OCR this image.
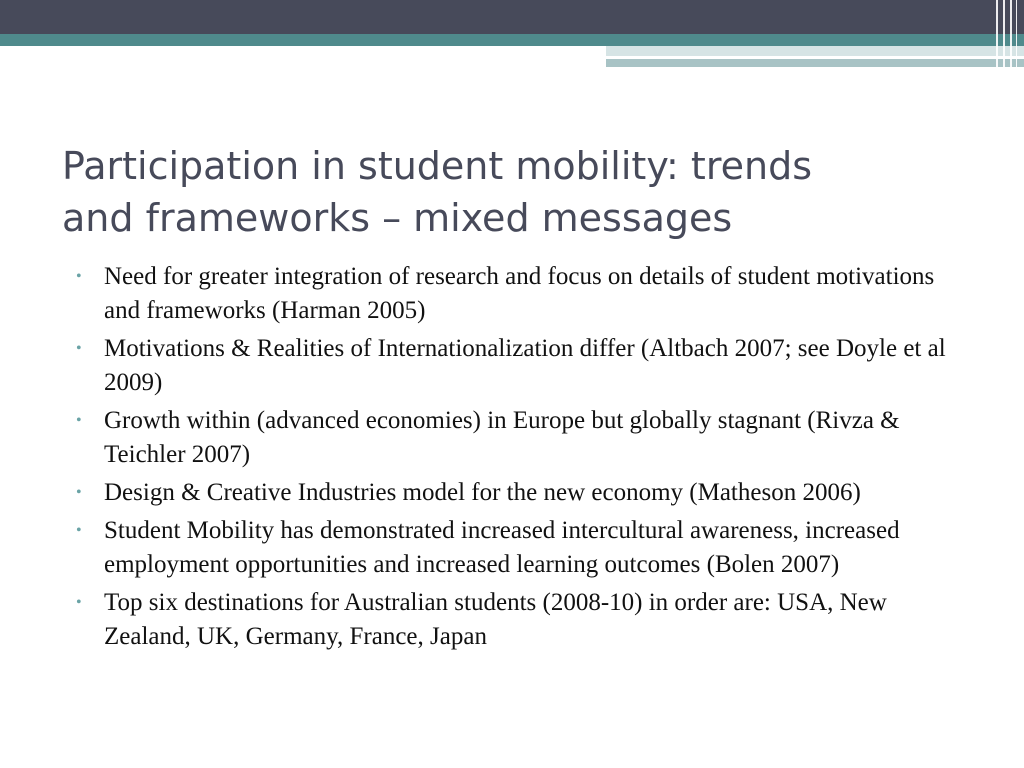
Participation in student mobility: trends
and frameworks – mixed messages
• Need for greater integration of research and focus on details of student motivations and frameworks (Harman 2005)
• Motivations & Realities of Internationalization differ (Altbach 2007; see Doyle et al 2009)
• Growth within (advanced economies) in Europe but globally stagnant (Rivza & Teichler 2007)
• Design & Creative Industries model for the new economy (Matheson 2006)
• Student Mobility has demonstrated increased intercultural awareness, increased employment opportunities and increased learning outcomes (Bolen 2007)
• Top six destinations for Australian students (2008-10) in order are: USA, New Zealand, UK, Germany, France, Japan
